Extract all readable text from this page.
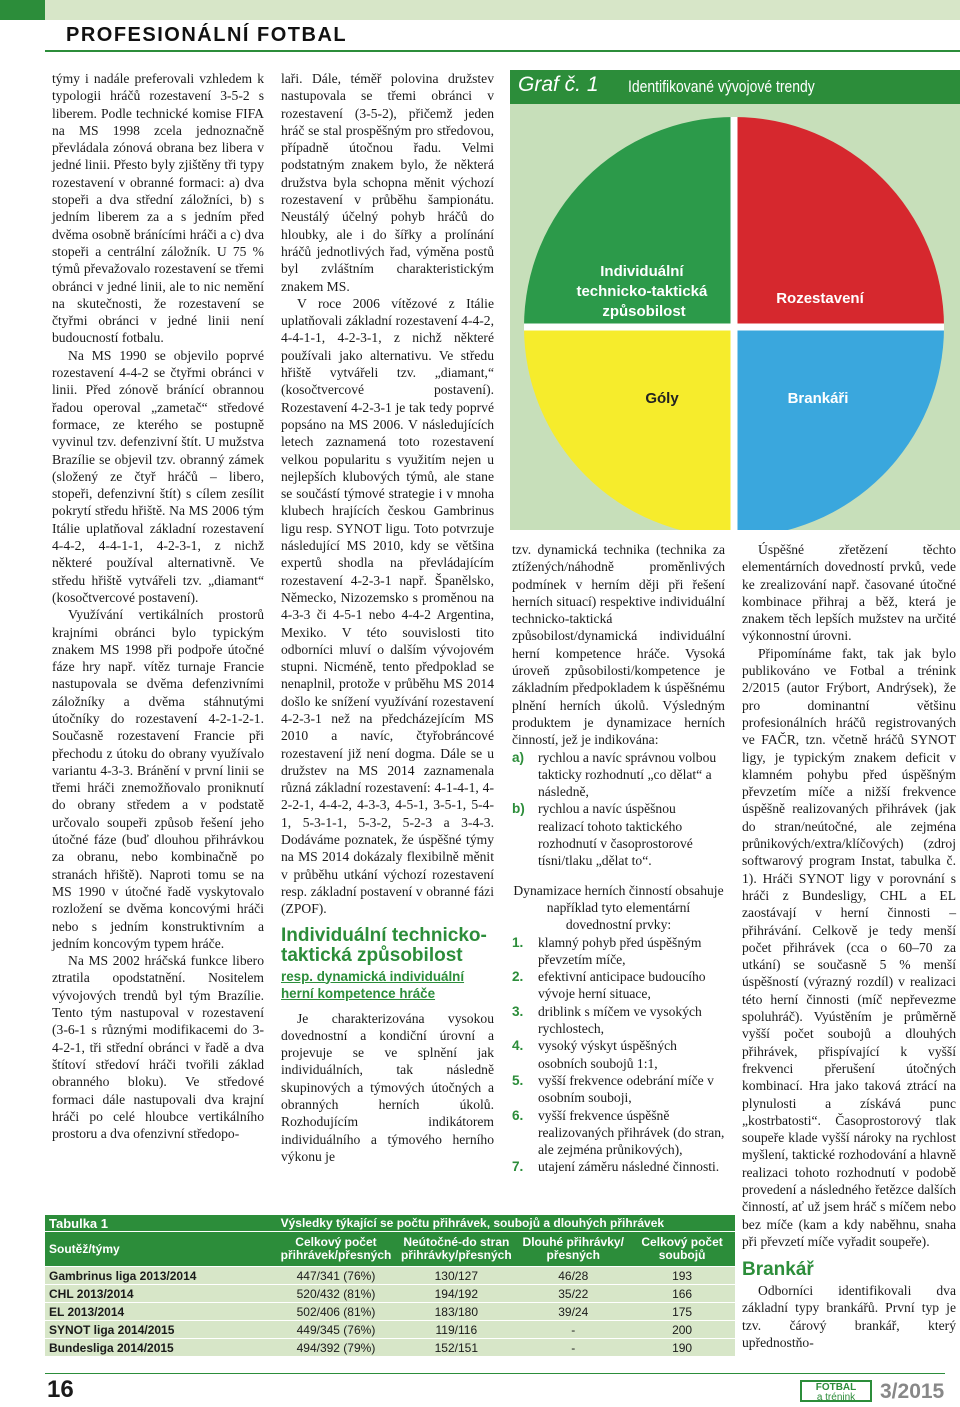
PROFESIONÁLNÍ FOTBAL

týmy i nadále preferovali vzhledem k typologii hráčů rozestavení 3-5-2 s liberem. Podle technické komise FIFA na MS 1998 zcela jednoznačně převládala zónová obrana bez libera v jedné linii. Přesto byly zjištěny tři typy rozestavení v obranné formaci: a) dva stopeři a dva střední záložníci, b) s jedním liberem za a s jedním před dvěma osobně bránícími hráči a c) dva stopeři a centrální záložník. U 75 % týmů převažovalo rozestavení se třemi obránci v jedné linii, ale to nic nemění na skutečnosti, že rozestavení se čtyřmi obránci v jedné linii není budoucností fotbalu.

Na MS 1990 se objevilo poprvé rozestavení 4-4-2 se čtyřmi obránci v linii. Před zónově bránící obrannou řadou operoval „zametač“ středové formace, ze kterého se postupně vyvinul tzv. defenzivní štít. U mužstva Brazílie se objevil tzv. obranný zámek (složený ze čtyř hráčů – libero, stopeři, defenzivní štít) s cílem zesílit pokrytí středu hřiště. Na MS 2006 tým Itálie uplatňoval základní rozestavení 4-4-2, 4-4-1-1, 4-2-3-1, z nichž některé používal alternativně. Ve středu hřiště vytvářeli tzv. „diamant“ (kosočtvercové postavení).

Využívání vertikálních prostorů krajními obránci bylo typickým znakem MS 1998 při podpoře útočné fáze hry např. vítěz turnaje Francie nastupovala se dvěma defenzivními záložníky a dvěma stáhnutými útočníky do rozestavení 4-2-1-2-1. Současně rozestavení Francie při přechodu z útoku do obrany využívalo variantu 4-3-3. Bránění v první linii se třemi hráči znemožňovalo proniknutí do obrany středem a v podstatě určovalo soupeři způsob řešení jeho útočné fáze (buď dlouhou přihrávkou za obranu, nebo kombinačně po stranách hřiště). Naproti tomu se na MS 1990 v útočné řadě vyskytovalo rozložení se dvěma koncovými hráči nebo s jedním konstruktivním a jedním koncovým typem hráče.

Na MS 2002 hráčská funkce libero ztratila opodstatnění. Nositelem vývojových trendů byl tým Brazílie. Tento tým nastupoval v rozestavení (3-6-1 s různými modifikacemi do 3-4-2-1, tři střední obránci v řadě a dva štítoví středoví hráči tvořili základ obranného bloku). Ve středové formaci dále nastupovali dva krajní hráči po celé hloubce vertikálního prostoru a dva ofenzivní středopo-

laři. Dále, téměř polovina družstev nastupovala se třemi obránci v rozestavení (3-5-2), přičemž jeden hráč se stal prospěšným pro středovou, případně útočnou řadu. Velmi podstatným znakem bylo, že některá družstva byla schopna měnit výchozí rozestavení v průběhu šampionátu. Neustálý účelný pohyb hráčů do hloubky, ale i do šířky a prolínání hráčů jednotlivých řad, výměna postů byl zvláštním charakteristickým znakem MS.

V roce 2006 vítězové z Itálie uplatňovali základní rozestavení 4-4-2, 4-4-1-1, 4-2-3-1, z nichž některé používali jako alternativu. Ve středu hřiště vytvářeli tzv. „diamant,“ (kosočtvercové postavení). Rozestavení 4-2-3-1 je tak tedy poprvé popsáno na MS 2006. V následujících letech zaznamená toto rozestavení velkou popularitu s využitím nejen u nejlepších klubových týmů, ale stane se součástí týmové strategie i v mnoha klubech hrajících českou Gambrinus ligu resp. SYNOT ligu. Toto potvrzuje následující MS 2010, kdy se většina expertů shodla na převládajícím rozestavení 4-2-3-1 např. Španělsko, Německo, Nizozemsko s proměnou na 4-3-3 či 4-5-1 nebo 4-4-2 Argentina, Mexiko. V této souvislosti tito odborníci mluví o dalším vývojovém stupni. Nicméně, tento předpoklad se nenaplnil, protože v průběhu MS 2014 došlo ke snížení využívání rozestavení 4-2-3-1 než na předcházejícím MS 2010 a navíc, čtyřobráncové rozestavení již není dogma. Dále se u družstev na MS 2014 zaznamenala různá základní rozestavení: 4-1-4-1, 4-2-2-1, 4-4-2, 4-3-3, 4-5-1, 3-5-1, 5-4-1, 5-3-1-1, 5-3-2, 5-2-3 a 3-4-3. Dodáváme poznatek, že úspěšné týmy na MS 2014 dokázaly flexibilně měnit v průběhu utkání výchozí rozestavení resp. základní postavení v obranné fázi (ZPOF).

Individuální technicko-taktická způsobilost
resp. dynamická individuální herní kompetence hráče

Je charakterizována vysokou dovednostní a kondiční úrovní a projevuje se ve splnění jak individuálních, tak následně skupinových a týmových útočných a obranných herních úkolů. Rozhodujícím indikátorem individuálního a týmového herního výkonu je

Graf č. 1 Identifikované vývojové trendy
Individuální technicko-taktická způsobilost
Rozestavení
Góly	Brankáři

tzv. dynamická technika (technika za ztížených/náhodně proměnlivých podmínek v herním ději při řešení herních situací) respektive individuální technicko-taktická způsobilost/dynamická individuální herní kompetence hráče. Vysoká úroveň způsobilosti/kompetence je základním předpokladem k úspěšnému plnění herních úkolů. Výsledným produktem je dynamizace herních činností, jež je indikována:

a) rychlou a navíc správnou volbou takticky rozhodnutí „co dělat“ a následně,
b) rychlou a navíc úspěšnou realizací tohoto taktického rozhodnutí v časoprostorové tísni/tlaku „dělat to“.

Dynamizace herních činností obsahuje například tyto elementární dovednostní prvky:

1. klamný pohyb před úspěšným převzetím míče,
2. efektivní anticipace budoucího vývoje herní situace,
3. driblink s míčem ve vysokých rychlostech,
4. vysoký výskyt úspěšných osobních soubojů 1:1,
5. vyšší frekvence odebrání míče v osobním souboji,
6. vyšší frekvence úspěšně realizovaných přihrávek (do stran, ale zejména průnikových),
7. utajení záměru následné činnosti.

Úspěšné zřetězení těchto elementárních dovedností prvků, vede ke zrealizování např. časované útočné kombinace přihraj a běž, která je znakem těch lepších mužstev na určité výkonnostní úrovni.

Připomínáme fakt, tak jak bylo publikováno ve Fotbal a trénink 2/2015 (autor Frýbort, Andrýsek), že pro dominantní většinu profesionálních hráčů registrovaných ve FAČR, tzn. včetně hráčů SYNOT ligy, je typickým znakem deficit v klamném pohybu před úspěšným převzetím míče a nižší frekvence úspěšně realizovaných přihrávek (jak do stran/neútočné, ale zejména průnikových/extra/klíčových) (zdroj softwarový program Instat, tabulka č. 1). Hráči SYNOT ligy v porovnání s hráči z Bundesligy, CHL a EL zaostávají v herní činnosti – přihrávání. Celkově je tedy menší počet přihrávek (cca o 60–70 za utkání) se současně 5 % menší úspěšností (výrazný rozdíl) v realizaci této herní činnosti (míč nepřevezme spoluhráč). Vyústěním je průměrně vyšší počet soubojů a dlouhých přihrávek, přispívající k vyšší frekvenci přerušení útočných kombinací. Hra jako taková ztrácí na plynulosti a získává punc „kostrbatosti“. Časoprostorový tlak soupeře klade vyšší nároky na rychlost myšlení, taktické rozhodování a hlavně realizaci tohoto rozhodnutí v podobě provedení a následného řetězce dalších činností, ať už jsem hráč s míčem nebo bez míče (kam a kdy naběhnu, snaha při převzetí míče vyřadit soupeře).

Brankář

Odborníci identifikovali dva základní typy brankářů. První typ je tzv. čárový brankář, který upřednostňo-

Tabulka 1	Výsledky týkající se počtu přihrávek, soubojů a dlouhých přihrávek			
Soutěž/týmy	Celkový počet přihrávek/přesných	Neútočné-do stran přihrávky/přesných	Dlouhé přihrávky/ přesných	Celkový počet soubojů
Gambrinus liga 2013/2014	447/341 (76%)	130/127	46/28	193
CHL 2013/2014	520/432 (81%)	194/192	35/22	166
EL 2013/2014	502/406 (81%)	183/180	39/24	175
SYNOT liga 2014/2015	449/345 (76%)	119/116	-	200
Bundesliga 2014/2015	494/392 (79%)	152/151	-	190
16	FOTBAL
a trénink	3/2015
